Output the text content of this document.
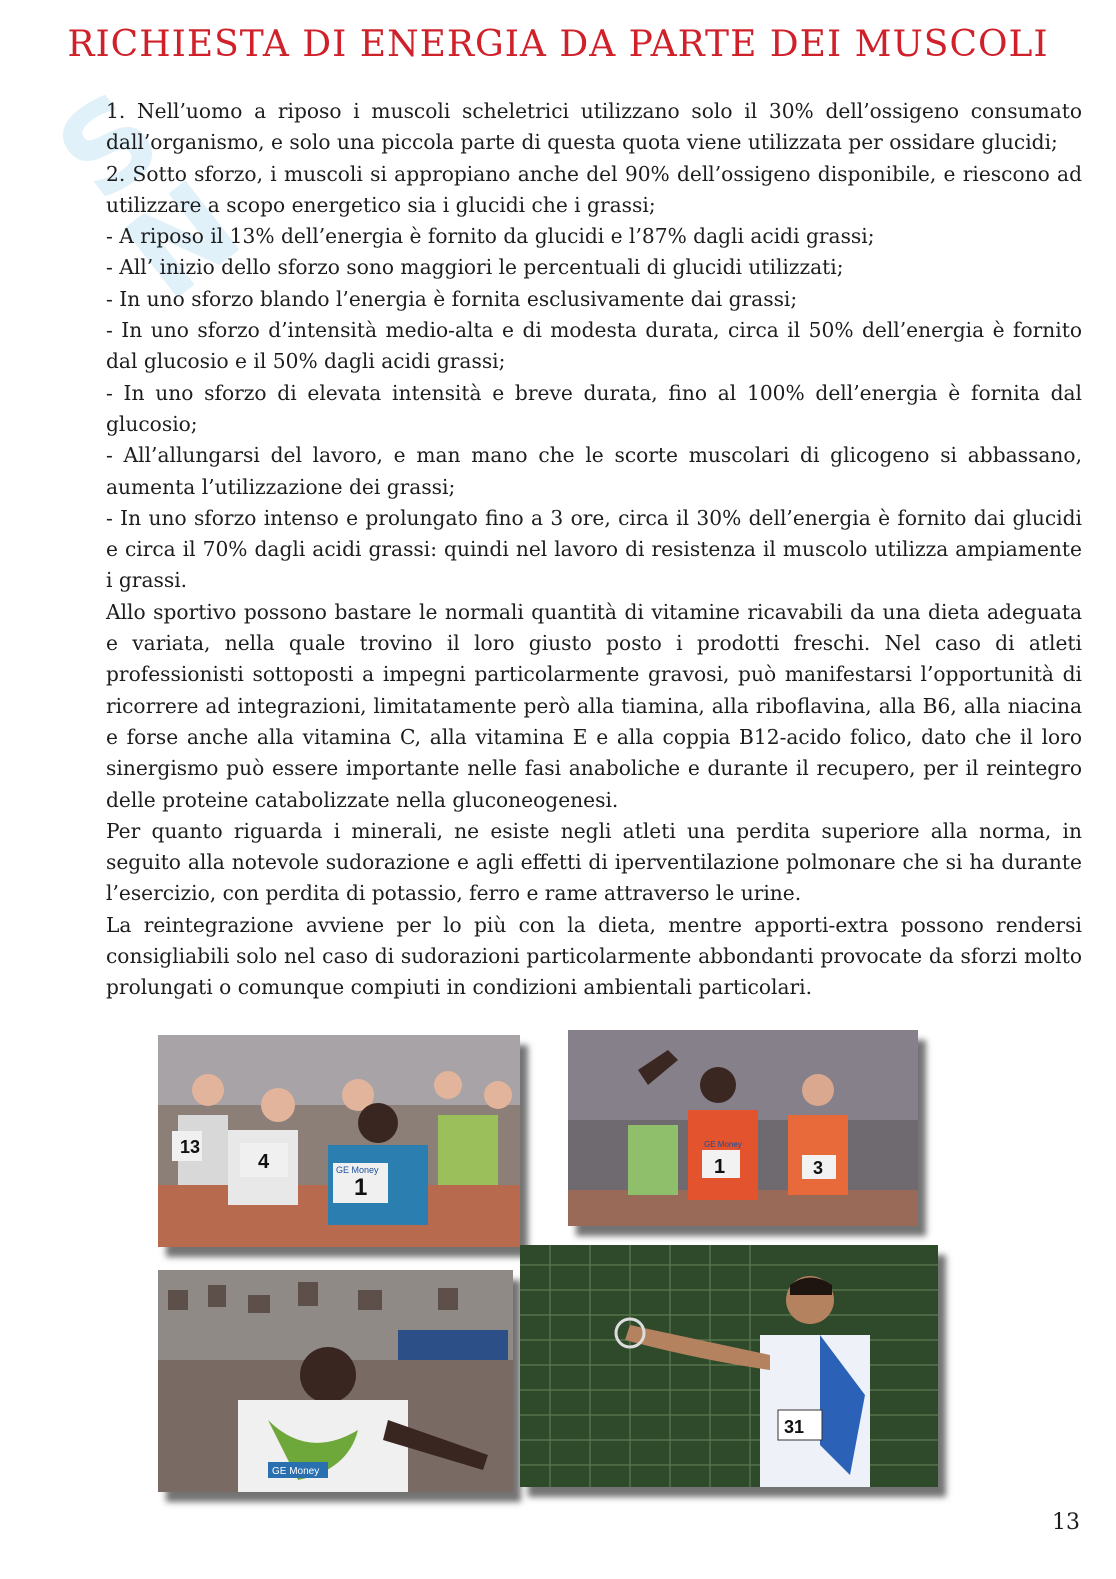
S
N
RICHIESTA DI ENERGIA DA PARTE DEI MUSCOLI

1. Nell’uomo a riposo i muscoli scheletrici utilizzano solo il 30% dell’ossigeno consumato dall’organismo, e solo una piccola parte di questa quota viene utilizzata per ossidare glucidi;

2. Sotto sforzo, i muscoli si appropiano anche del 90% dell’ossigeno disponibile, e riescono ad utilizzare a scopo energetico sia i glucidi che i grassi;

- A riposo il 13% dell’energia è fornito da glucidi e l’87% dagli acidi grassi;

- All’ inizio dello sforzo sono maggiori le percentuali di glucidi utilizzati;

- In uno sforzo blando l’energia è fornita esclusivamente dai grassi;

- In uno sforzo d’intensità medio-alta e di modesta durata, circa il 50% dell’energia è fornito dal glucosio e il 50% dagli acidi grassi;

- In uno sforzo di elevata intensità e breve durata, fino al 100% dell’energia è fornita dal glucosio;

- All’allungarsi del lavoro, e man mano che le scorte muscolari di glicogeno si abbassano, aumenta l’utilizzazione dei grassi;

- In uno sforzo intenso e prolungato fino a 3 ore, circa il 30% dell’energia è fornito dai glucidi e circa il 70% dagli acidi grassi: quindi nel lavoro di resistenza il muscolo utilizza ampiamente i grassi.

Allo sportivo possono bastare le normali quantità di vitamine ricavabili da una dieta adeguata e variata, nella quale trovino il loro giusto posto i prodotti freschi. Nel caso di atleti professionisti sottoposti a impegni particolarmente gravosi, può manifestarsi l’opportunità di ricorrere ad integrazioni, limitatamente però alla tiamina, alla riboflavina, alla B6, alla niacina e forse anche alla vitamina C, alla vitamina E e alla coppia B12-acido folico, dato che il loro sinergismo può essere importante nelle fasi anaboliche e durante il recupero, per il reintegro delle proteine catabolizzate nella gluconeogenesi.

Per quanto riguarda i minerali, ne esiste negli atleti una perdita superiore alla norma, in seguito alla notevole sudorazione e agli effetti di iperventilazione polmonare che si ha durante l’esercizio, con perdita di potassio, ferro e rame attraverso le urine.

La reintegrazione avviene per lo più con la dieta, mentre apporti-extra possono rendersi consigliabili solo nel caso di sudorazioni particolarmente abbondanti provocate da sforzi molto prolungati o comunque compiuti in condizioni ambientali particolari.

13
4
1
GE Money	1	3
GE Money
GE Money
31
13
